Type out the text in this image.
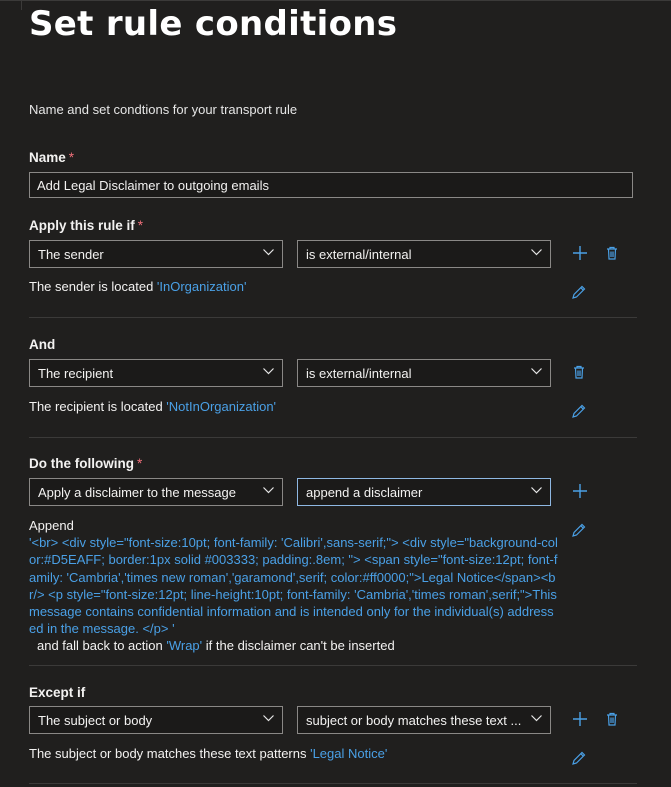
Set rule conditions
Name and set condtions for your transport rule
Name *
Add Legal Disclaimer to outgoing emails
Apply this rule if *
The sender	is external/internal
The sender is located 'InOrganization'
And
The recipient	is external/internal
The recipient is located 'NotInOrganization'
Do the following *
Apply a disclaimer to the message	append a disclaimer
Append
'<br> <div style="font-size:10pt; font-family: 'Calibri',sans-serif;"> <div style="background-color:#D5EAFF; border:1px solid #003333; padding:.8em; "> <span style="font-size:12pt; font-family: 'Cambria','times new roman','garamond',serif; color:#ff0000;">Legal Notice</span><br/> <p style="font-size:12pt; line-height:10pt; font-family: 'Cambria','times roman',serif;">This message contains confidential information and is intended only for the individual(s) addressed in the message. </p> '
and fall back to action 'Wrap' if the disclaimer can't be inserted
Except if
The subject or body	subject or body matches these text ...
The subject or body matches these text patterns 'Legal Notice'
